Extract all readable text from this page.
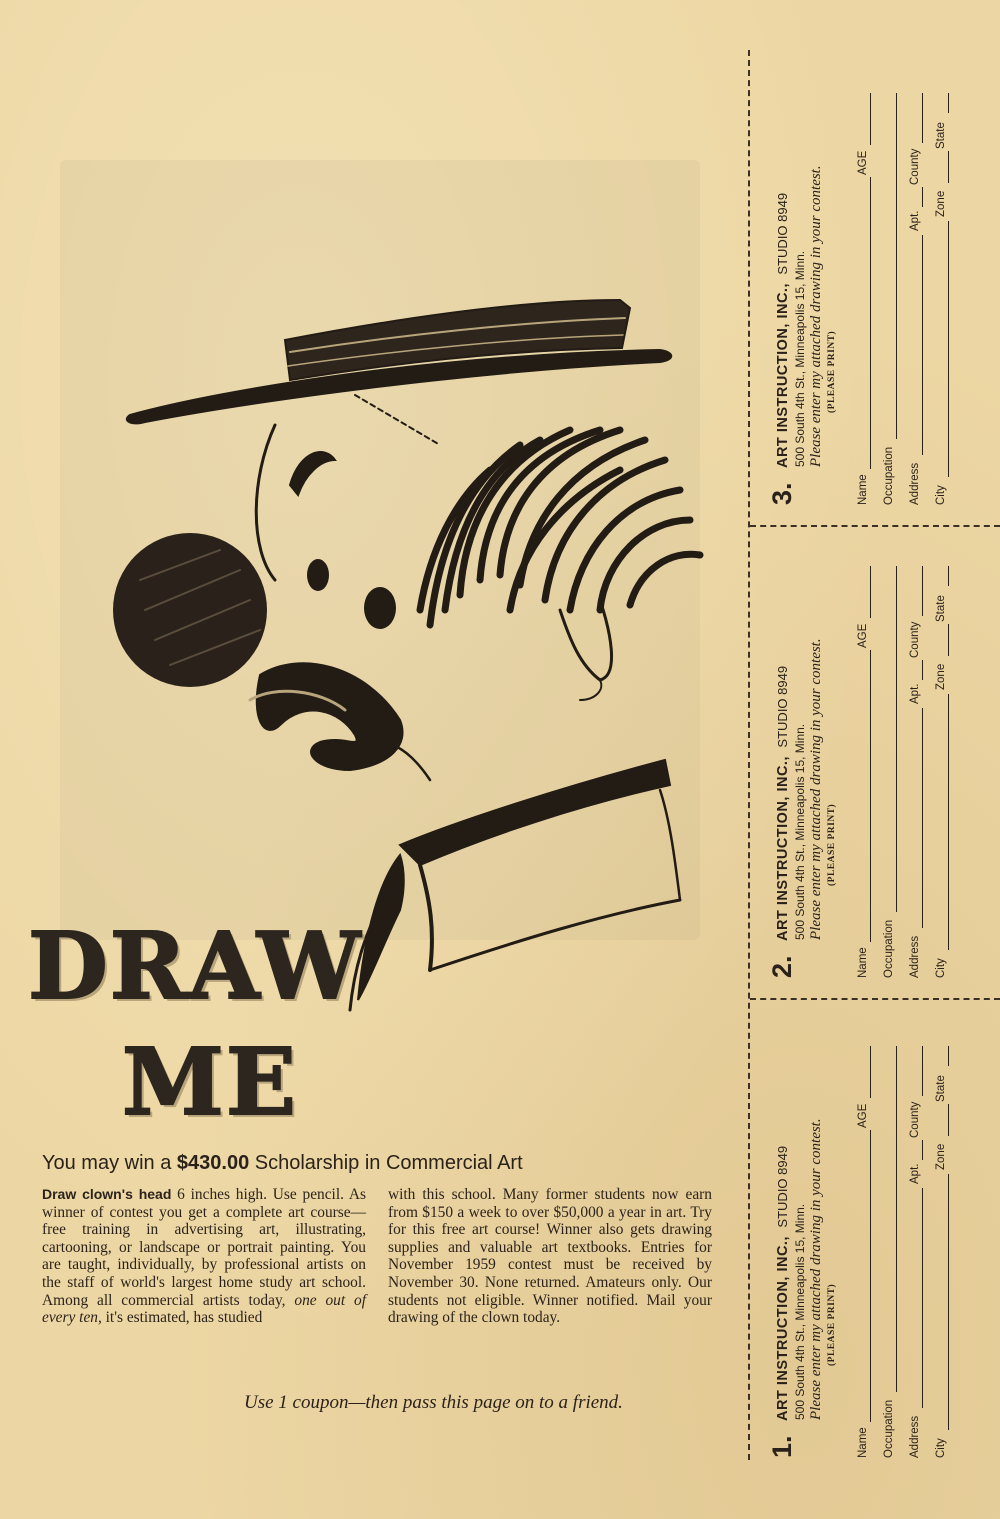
DRAW
ME
You may win a $430.00 Scholarship in Commercial Art
Draw clown's head 6 inches high. Use pencil. As winner of contest you get a complete art course—free training in advertising art, illustrating, cartooning, or landscape or portrait painting. You are taught, individually, by professional artists on the staff of world's largest home study art school. Among all commercial artists today, one out of every ten, it's estimated, has studied
with this school. Many former students now earn from $150 a week to over $50,000 a year in art. Try for this free art course! Winner also gets drawing supplies and valuable art textbooks. Entries for November 1959 contest must be received by November 30. None returned. Amateurs only. Our students not eligible. Winner notified. Mail your drawing of the clown today.
Use 1 coupon—then pass this page on to a friend.
3. ART INSTRUCTION, INC., STUDIO 8949
500 South 4th St., Minneapolis 15, Minn. Please enter my attached drawing in your contest. (PLEASE PRINT)
Name
AGE
Occupation Address
Apt.
County
City
Zone
State
2. ART INSTRUCTION, INC., STUDIO 8949
500 South 4th St., Minneapolis 15, Minn. Please enter my attached drawing in your contest. (PLEASE PRINT)
Name
AGE
Occupation Address
Apt.
County
City
Zone
State
1. ART INSTRUCTION, INC., STUDIO 8949
500 South 4th St., Minneapolis 15, Minn. Please enter my attached drawing in your contest. (PLEASE PRINT)
Name
AGE
Occupation Address
Apt.
County
City
Zone
State
